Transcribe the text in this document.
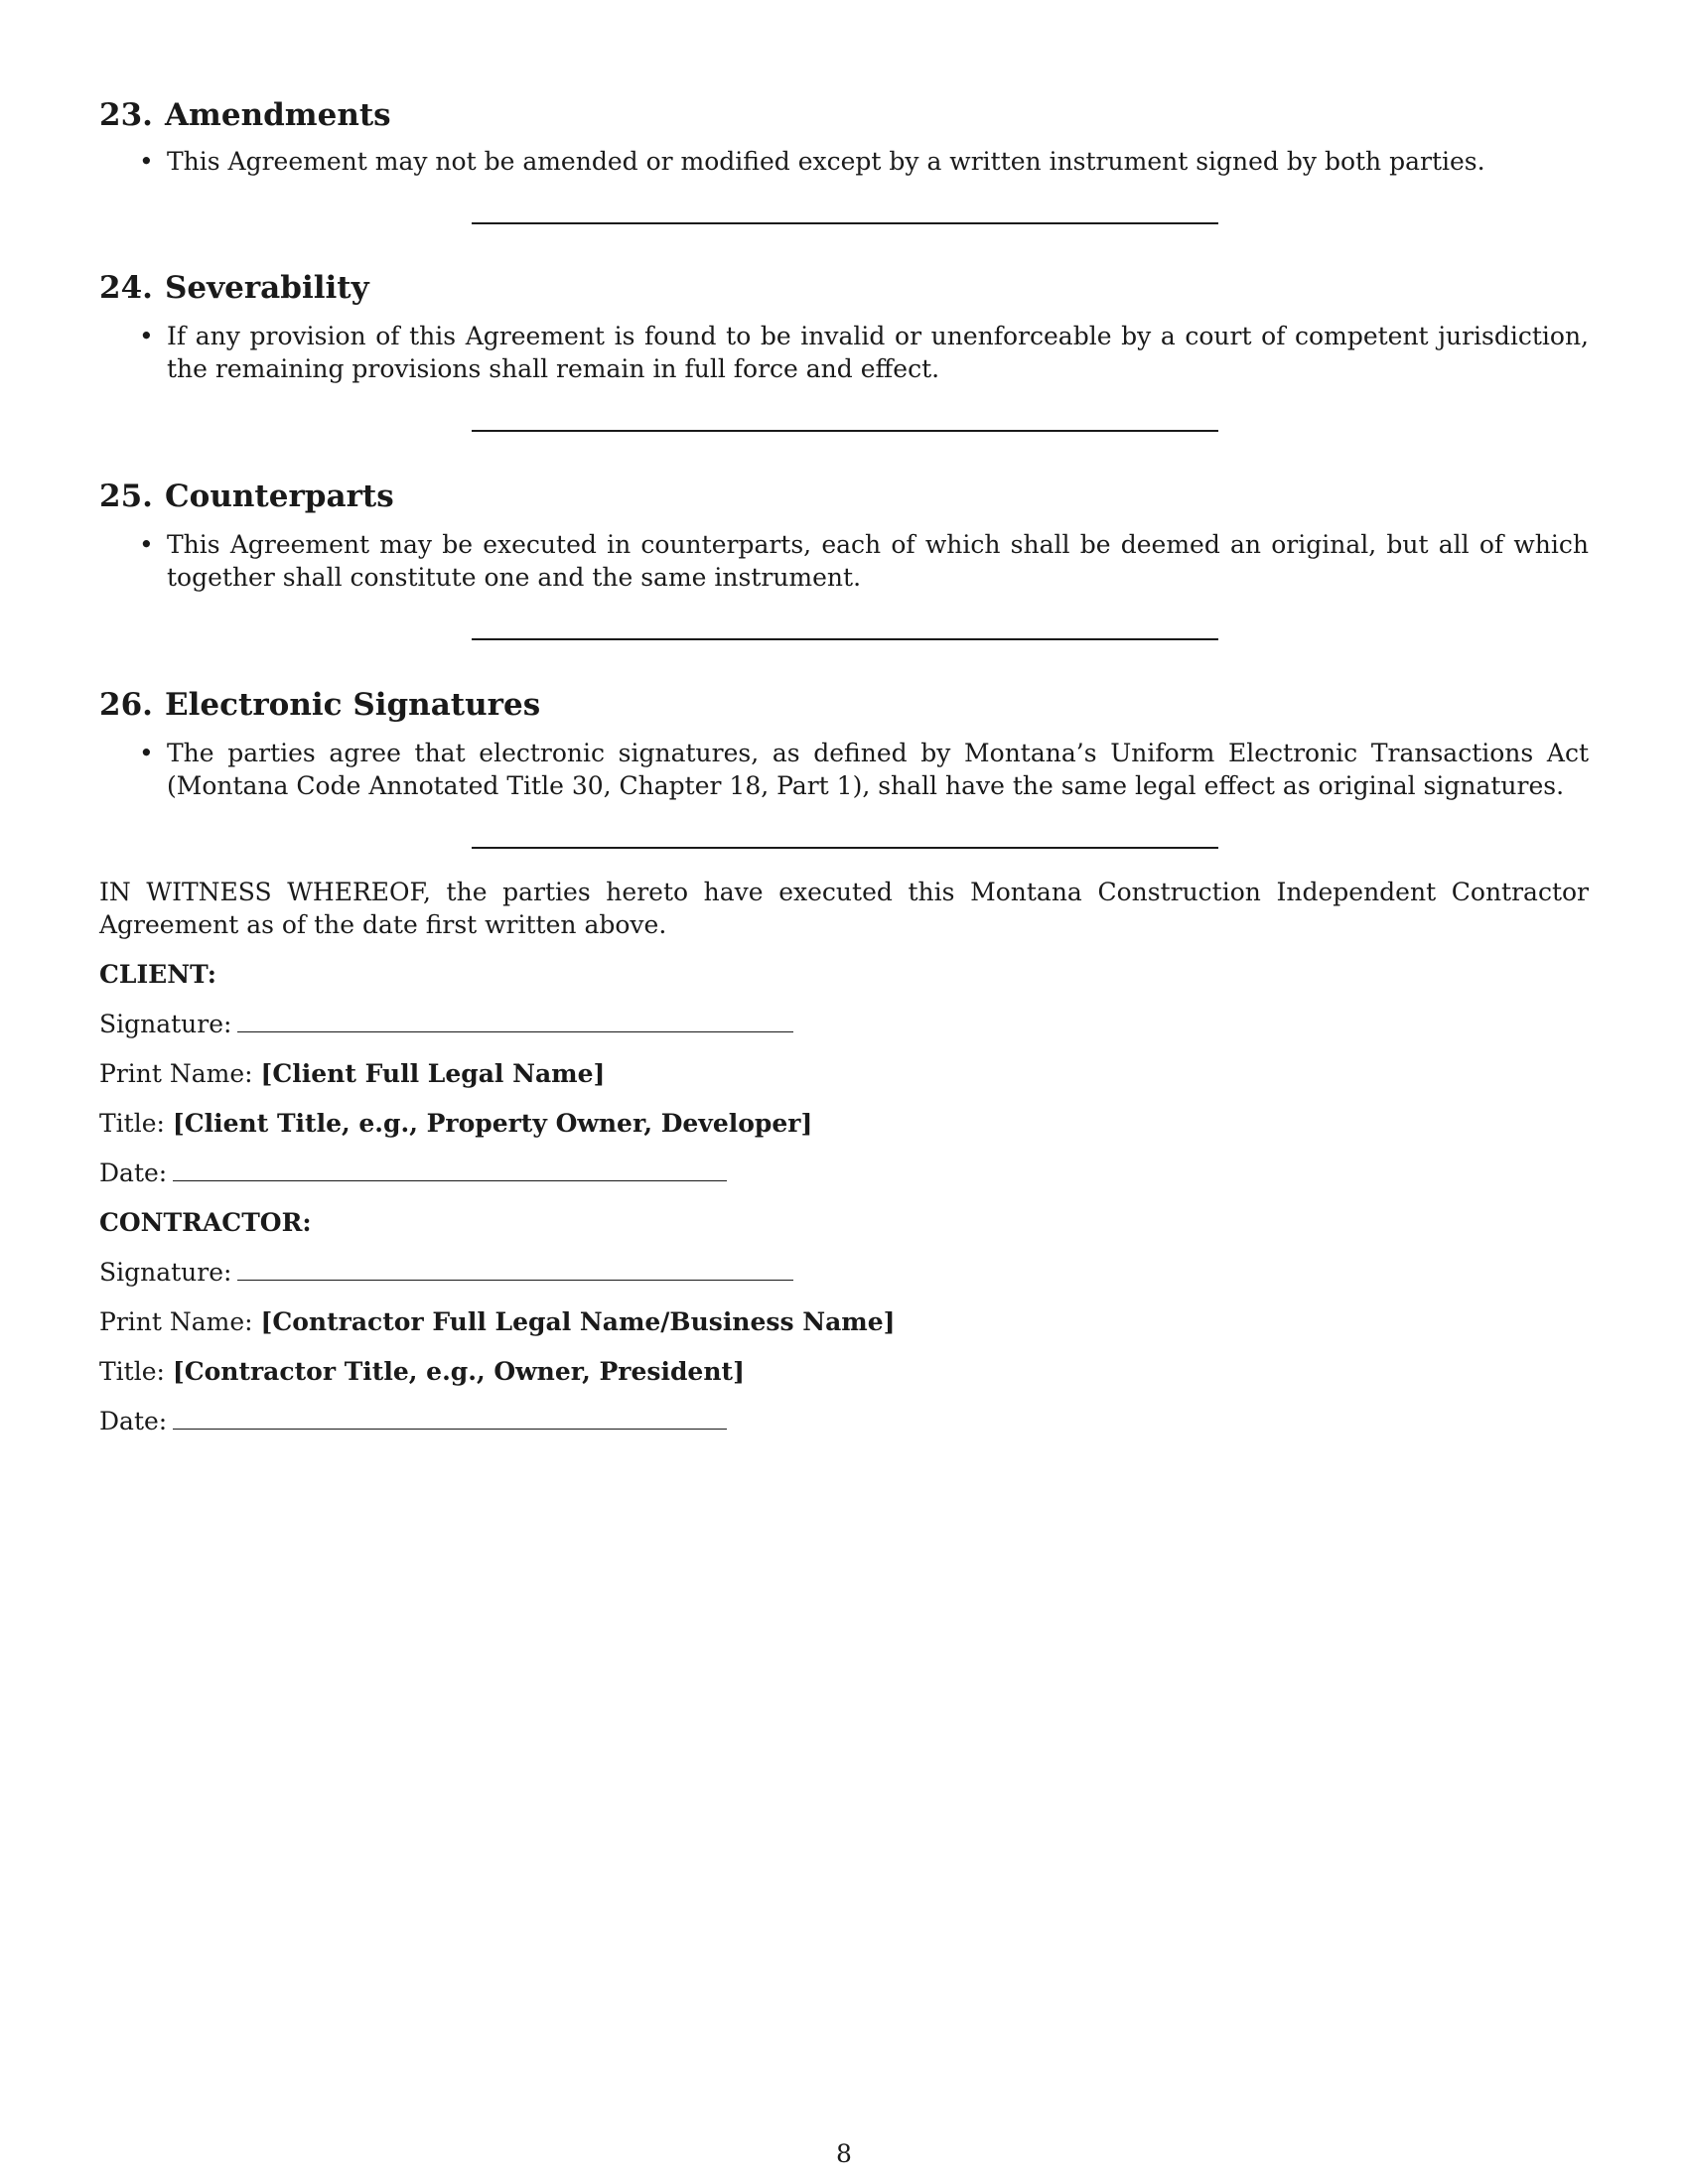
23. Amendments
• This Agreement may not be amended or modified except by a written instrument signed by both parties.
24. Severability
• If any provision of this Agreement is found to be invalid or unenforceable by a court of competent jurisdiction, the remaining provisions shall remain in full force and effect.
25. Counterparts
• This Agreement may be executed in counterparts, each of which shall be deemed an original, but all of which together shall constitute one and the same instrument.
26. Electronic Signatures
• The parties agree that electronic signatures, as defined by Montana’s Uniform Electronic Transactions Act (Montana Code Annotated Title 30, Chapter 18, Part 1), shall have the same legal effect as original signatures.

IN WITNESS WHEREOF, the parties hereto have executed this Montana Construction Independent Contractor Agreement as of the date first written above.

CLIENT:
Signature:
Print Name: [Client Full Legal Name]
Title: [Client Title, e.g., Property Owner, Developer]
Date:
CONTRACTOR:
Signature:
Print Name: [Contractor Full Legal Name/Business Name]
Title: [Contractor Title, e.g., Owner, President]
Date:
8
